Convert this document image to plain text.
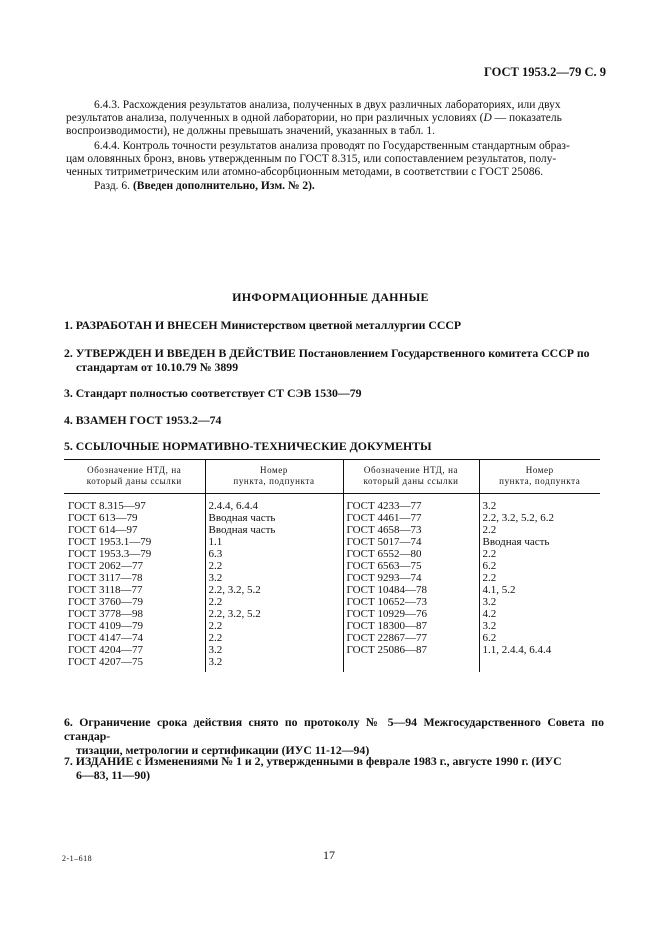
ГОСТ 1953.2—79 С. 9
6.4.3. Расхождения результатов анализа, полученных в двух различных лабораториях, или двух
результатов анализа, полученных в одной лаборатории, но при различных условиях (D — показатель
воспроизводимости), не должны превышать значений, указанных в табл. 1.
6.4.4. Контроль точности результатов анализа проводят по Государственным стандартным образ-
цам оловянных бронз, вновь утвержденным по ГОСТ 8.315, или сопоставлением результатов, полу-
ченных титриметрическим или атомно-абсорбционным методами, в соответствии с ГОСТ 25086.
Разд. 6. (Введен дополнительно, Изм. № 2).
ИНФОРМАЦИОННЫЕ ДАННЫЕ
1. РАЗРАБОТАН И ВНЕСЕН Министерством цветной металлургии СССР
2. УТВЕРЖДЕН И ВВЕДЕН В ДЕЙСТВИЕ Постановлением Государственного комитета СССР по
стандартам от 10.10.79 № 3899
3. Стандарт полностью соответствует СТ СЭВ 1530—79
4. ВЗАМЕН ГОСТ 1953.2—74
5. ССЫЛОЧНЫЕ НОРМАТИВНО-ТЕХНИЧЕСКИЕ ДОКУМЕНТЫ
Обозначение НТД, на
который даны ссылки	Номер
пункта, подпункта	Обозначение НТД, на
который даны ссылки	Номер
пункта, подпункта
ГОСТ 8.315—97	2.4.4, 6.4.4	ГОСТ 4233—77	3.2
ГОСТ 613—79	Вводная часть	ГОСТ 4461—77	2.2, 3.2, 5.2, 6.2
ГОСТ 614—97	Вводная часть	ГОСТ 4658—73	2.2
ГОСТ 1953.1—79	1.1	ГОСТ 5017—74	Вводная часть
ГОСТ 1953.3—79	6.3	ГОСТ 6552—80	2.2
ГОСТ 2062—77	2.2	ГОСТ 6563—75	6.2
ГОСТ 3117—78	3.2	ГОСТ 9293—74	2.2
ГОСТ 3118—77	2.2, 3.2, 5.2	ГОСТ 10484—78	4.1, 5.2
ГОСТ 3760—79	2.2	ГОСТ 10652—73	3.2
ГОСТ 3778—98	2.2, 3.2, 5.2	ГОСТ 10929—76	4.2
ГОСТ 4109—79	2.2	ГОСТ 18300—87	3.2
ГОСТ 4147—74	2.2	ГОСТ 22867—77	6.2
ГОСТ 4204—77	3.2	ГОСТ 25086—87	1.1, 2.4.4, 6.4.4
ГОСТ 4207—75	3.2		
6. Ограничение срока действия снято по протоколу № 5—94 Межгосударственного Совета по стандар-
тизации, метрологии и сертификации (ИУС 11-12—94)
7. ИЗДАНИЕ с Изменениями № 1 и 2, утвержденными в феврале 1983 г., августе 1990 г. (ИУС
6—83, 11—90)
2-1–618	17
